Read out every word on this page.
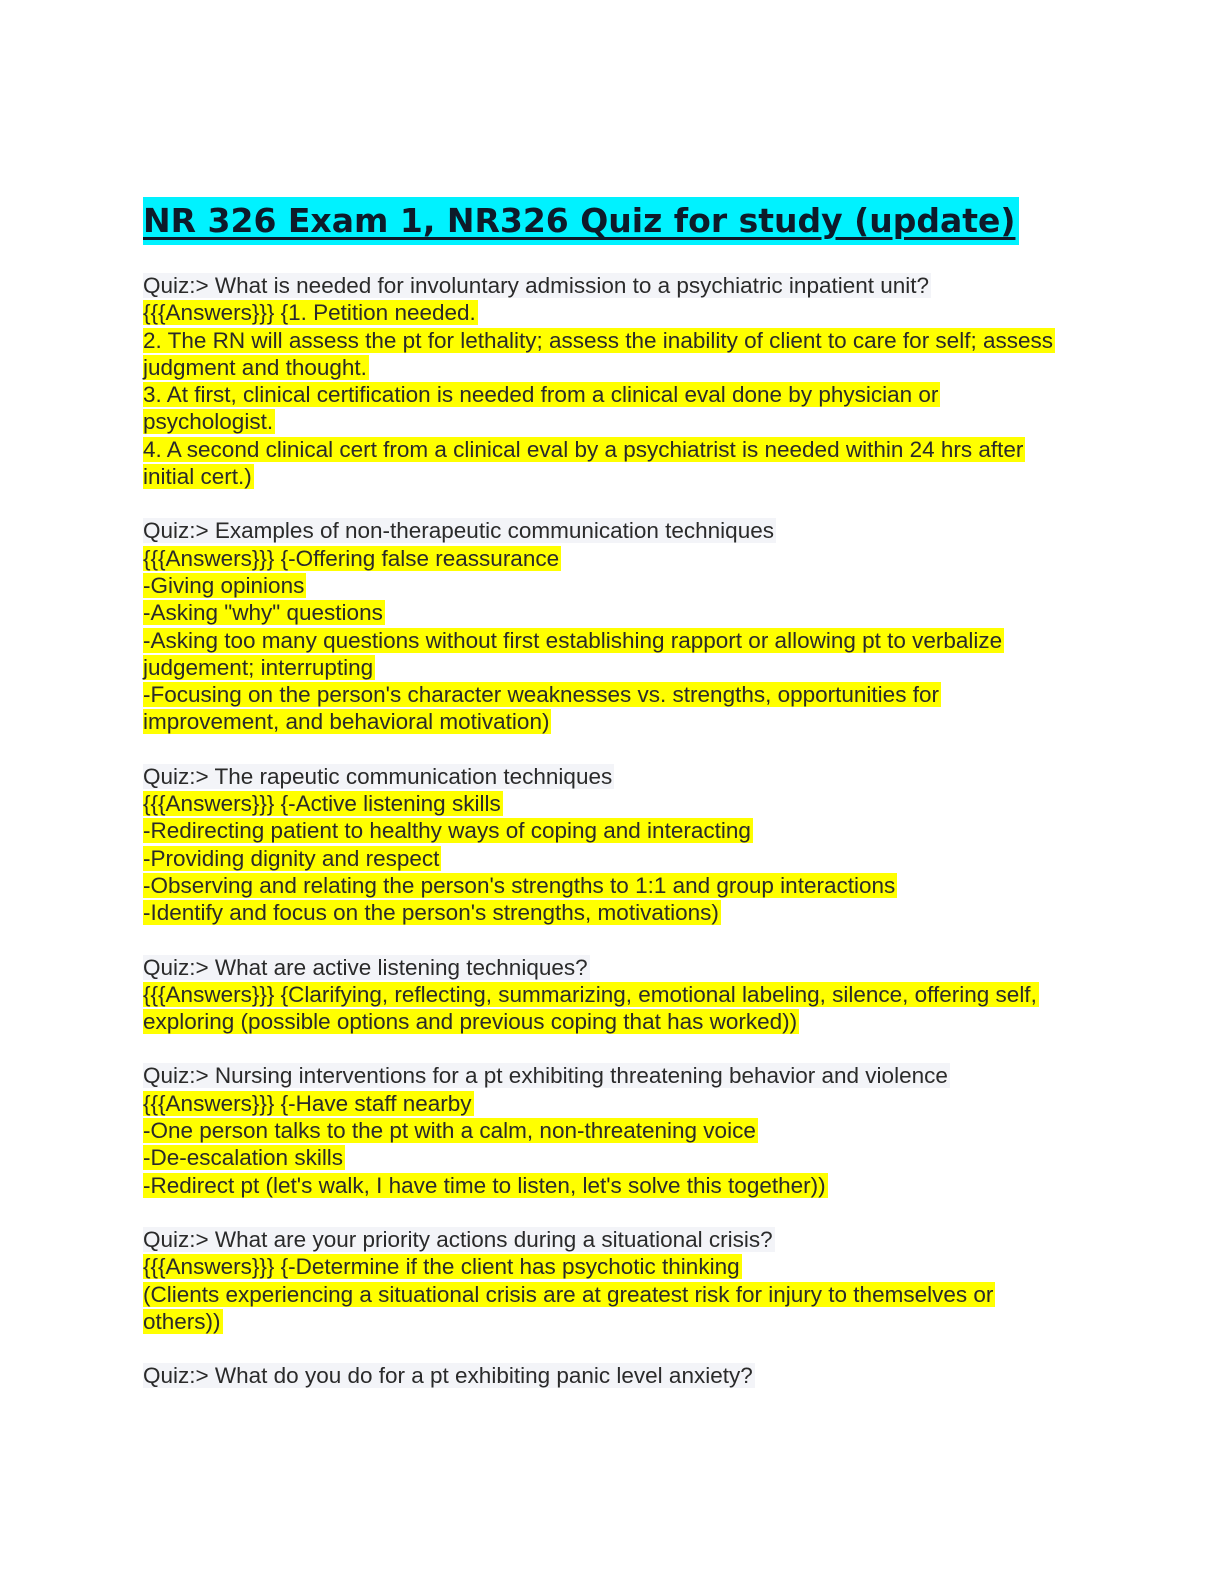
NR 326 Exam 1, NR326 Quiz for study (update)
Quiz:> What is needed for involuntary admission to a psychiatric inpatient unit?
{{{Answers}}} {1. Petition needed.
2. The RN will assess the pt for lethality; assess the inability of client to care for self; assess judgment and thought.
3. At first, clinical certification is needed from a clinical eval done by physician or psychologist.
4. A second clinical cert from a clinical eval by a psychiatrist is needed within 24 hrs after initial cert.)
Quiz:> Examples of non-therapeutic communication techniques
{{{Answers}}} {-Offering false reassurance
-Giving opinions
-Asking "why" questions
-Asking too many questions without first establishing rapport or allowing pt to verbalize judgement; interrupting
-Focusing on the person's character weaknesses vs. strengths, opportunities for improvement, and behavioral motivation)
Quiz:> The rapeutic communication techniques
{{{Answers}}} {-Active listening skills
-Redirecting patient to healthy ways of coping and interacting
-Providing dignity and respect
-Observing and relating the person's strengths to 1:1 and group interactions
-Identify and focus on the person's strengths, motivations)
Quiz:> What are active listening techniques?
{{{Answers}}} {Clarifying, reflecting, summarizing, emotional labeling, silence, offering self, exploring (possible options and previous coping that has worked))
Quiz:> Nursing interventions for a pt exhibiting threatening behavior and violence
{{{Answers}}} {-Have staff nearby
-One person talks to the pt with a calm, non-threatening voice
-De-escalation skills
-Redirect pt (let's walk, I have time to listen, let's solve this together))
Quiz:> What are your priority actions during a situational crisis?
{{{Answers}}} {-Determine if the client has psychotic thinking
(Clients experiencing a situational crisis are at greatest risk for injury to themselves or others))
Quiz:> What do you do for a pt exhibiting panic level anxiety?
